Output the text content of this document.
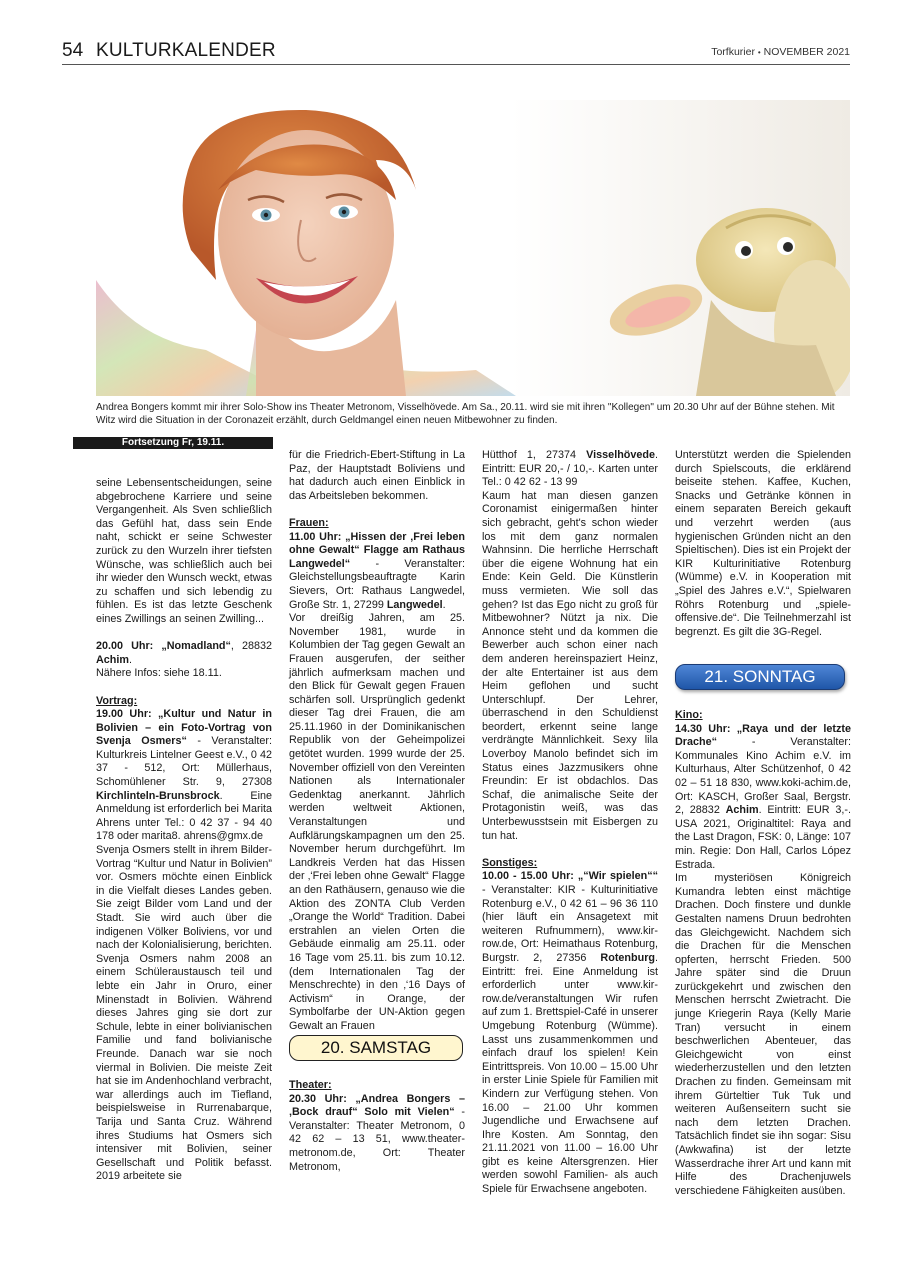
54 KULTURKALENDER	Torfkurier • NOVEMBER 2021
Andrea Bongers kommt mir ihrer Solo-Show ins Theater Metronom, Visselhövede. Am Sa., 20.11. wird sie mit ihren "Kollegen" um 20.30 Uhr auf der Bühne stehen. Mit Witz wird die Situation in der Coronazeit erzählt, durch Geldmangel einen neuen Mitbewohner zu finden.
Fortsetzung Fr, 19.11.

seine Lebensentscheidungen, seine abgebrochene Karriere und seine Vergangenheit. Als Sven schließlich das Gefühl hat, dass sein Ende naht, schickt er seine Schwester zurück zu den Wurzeln ihrer tiefsten Wünsche, was schließlich auch bei ihr wieder den Wunsch weckt, etwas zu schaffen und sich lebendig zu fühlen. Es ist das letzte Geschenk eines Zwillings an seinen Zwilling...

20.00 Uhr: „Nomadland“, 28832 Achim.

Nähere Infos: siehe 18.11.

Vortrag:

19.00 Uhr: „Kultur und Natur in Bolivien – ein Foto-Vortrag von Svenja Osmers“ - Veranstalter: Kulturkreis Lintelner Geest e.V., 0 42 37 - 512, Ort: Müllerhaus, Schomühlener Str. 9, 27308 Kirchlinteln-Brunsbrock. Eine Anmeldung ist erforderlich bei Marita Ahrens unter Tel.: 0 42 37 - 94 40 178 oder marita8. ahrens@gmx.de

Svenja Osmers stellt in ihrem Bilder-Vortrag “Kultur und Natur in Bolivien” vor. Osmers möchte einen Einblick in die Vielfalt dieses Landes geben. Sie zeigt Bilder vom Land und der Stadt. Sie wird auch über die indigenen Völker Boliviens, vor und nach der Kolonialisierung, berichten. Svenja Osmers nahm 2008 an einem Schüleraustausch teil und lebte ein Jahr in Oruro, einer Minenstadt in Bolivien. Während dieses Jahres ging sie dort zur Schule, lebte in einer bolivianischen Familie und fand bolivianische Freunde. Danach war sie noch viermal in Bolivien. Die meiste Zeit hat sie im Andenhochland verbracht, war allerdings auch im Tiefland, beispielsweise in Rurrenabarque, Tarija und Santa Cruz. Während ihres Studiums hat Osmers sich intensiver mit Bolivien, seiner Gesellschaft und Politik befasst. 2019 arbeitete sie

für die Friedrich-Ebert-Stiftung in La Paz, der Hauptstadt Boliviens und hat dadurch auch einen Einblick in das Arbeitsleben bekommen.

Frauen:

11.00 Uhr: „Hissen der ‚Frei leben ohne Gewalt“ Flagge am Rathaus Langwedel“ - Veranstalter: Gleichstellungsbeauftragte Karin Sievers, Ort: Rathaus Langwedel, Große Str. 1, 27299 Langwedel.

Vor dreißig Jahren, am 25. November 1981, wurde in Kolumbien der Tag gegen Gewalt an Frauen ausgerufen, der seither jährlich aufmerksam machen und den Blick für Gewalt gegen Frauen schärfen soll. Ursprünglich gedenkt dieser Tag drei Frauen, die am 25.11.1960 in der Dominikanischen Republik von der Geheimpolizei getötet wurden. 1999 wurde der 25. November offiziell von den Vereinten Nationen als Internationaler Gedenktag anerkannt. Jährlich werden weltweit Aktionen, Veranstaltungen und Aufklärungskampagnen um den 25. November herum durchgeführt. Im Landkreis Verden hat das Hissen der ‚‘Frei leben ohne Gewalt“ Flagge an den Rathäusern, genauso wie die Aktion des ZONTA Club Verden „Orange the World“ Tradition. Dabei erstrahlen an vielen Orten die Gebäude einmalig am 25.11. oder 16 Tage vom 25.11. bis zum 10.12. (dem Internationalen Tag der Menschrechte) in den ‚‘16 Days of Activism“ in Orange, der Symbolfarbe der UN-Aktion gegen Gewalt an Frauen

20. SAMSTAG

Theater:

20.30 Uhr: „Andrea Bongers – ‚Bock drauf“ Solo mit Vielen“ - Veranstalter: Theater Metronom, 0 42 62 – 13 51, www.theater-metronom.de, Ort: Theater Metronom,

Hütthof 1, 27374 Visselhövede. Eintritt: EUR 20,- / 10,-. Karten unter Tel.: 0 42 62 - 13 99

Kaum hat man diesen ganzen Coronamist einigermaßen hinter sich gebracht, geht's schon wieder los mit dem ganz normalen Wahnsinn. Die herrliche Herrschaft über die eigene Wohnung hat ein Ende: Kein Geld. Die Künstlerin muss vermieten. Wie soll das gehen? Ist das Ego nicht zu groß für Mitbewohner? Nützt ja nix. Die Annonce steht und da kommen die Bewerber auch schon einer nach dem anderen hereinspaziert Heinz, der alte Entertainer ist aus dem Heim geflohen und sucht Unterschlupf. Der Lehrer, überraschend in den Schuldienst beordert, erkennt seine lange verdrängte Männlichkeit. Sexy lila Loverboy Manolo befindet sich im Status eines Jazzmusikers ohne Freundin: Er ist obdachlos. Das Schaf, die animalische Seite der Protagonistin weiß, was das Unterbewusstsein mit Eisbergen zu tun hat.

Sonstiges:

10.00 - 15.00 Uhr: „“Wir spielen““ - Veranstalter: KIR - Kulturinitiative Rotenburg e.V., 0 42 61 – 96 36 110 (hier läuft ein Ansagetext mit weiteren Rufnummern), www.kir-row.de, Ort: Heimathaus Rotenburg, Burgstr. 2, 27356 Rotenburg. Eintritt: frei. Eine Anmeldung ist erforderlich unter www.kir-row.de/veranstaltungen Wir rufen auf zum 1. Brettspiel-Café in unserer Umgebung Rotenburg (Wümme). Lasst uns zusammenkommen und einfach drauf los spielen! Kein Eintrittspreis. Von 10.00 – 15.00 Uhr in erster Linie Spiele für Familien mit Kindern zur Verfügung stehen. Von 16.00 – 21.00 Uhr kommen Jugendliche und Erwachsene auf Ihre Kosten. Am Sonntag, den 21.11.2021 von 11.00 – 16.00 Uhr gibt es keine Altersgrenzen. Hier werden sowohl Familien- als auch Spiele für Erwachsene angeboten.

Unterstützt werden die Spielenden durch Spielscouts, die erklärend beiseite stehen. Kaffee, Kuchen, Snacks und Getränke können in einem separaten Bereich gekauft und verzehrt werden (aus hygienischen Gründen nicht an den Spieltischen). Dies ist ein Projekt der KIR Kulturinitiative Rotenburg (Wümme) e.V. in Kooperation mit „Spiel des Jahres e.V.“, Spielwaren Röhrs Rotenburg und „spiele-offensive.de“. Die Teilnehmerzahl ist begrenzt. Es gilt die 3G-Regel.

21. SONNTAG

Kino:

14.30 Uhr: „Raya und der letzte Drache“ - Veranstalter: Kommunales Kino Achim e.V. im Kulturhaus, Alter Schützenhof, 0 42 02 – 51 18 830, www.koki-achim.de, Ort: KASCH, Großer Saal, Bergstr. 2, 28832 Achim. Eintritt: EUR 3,-. USA 2021, Originaltitel: Raya and the Last Dragon, FSK: 0, Länge: 107 min. Regie: Don Hall, Carlos López Estrada.

Im mysteriösen Königreich Kumandra lebten einst mächtige Drachen. Doch finstere und dunkle Gestalten namens Druun bedrohten das Gleichgewicht. Nachdem sich die Drachen für die Menschen opferten, herrscht Frieden. 500 Jahre später sind die Druun zurückgekehrt und zwischen den Menschen herrscht Zwietracht. Die junge Kriegerin Raya (Kelly Marie Tran) versucht in einem beschwerlichen Abenteuer, das Gleichgewicht von einst wiederherzustellen und den letzten Drachen zu finden. Gemeinsam mit ihrem Gürteltier Tuk Tuk und weiteren Außenseitern sucht sie nach dem letzten Drachen. Tatsächlich findet sie ihn sogar: Sisu (Awkwafina) ist der letzte Wasserdrache ihrer Art und kann mit Hilfe des Drachenjuwels verschiedene Fähigkeiten ausüben.
